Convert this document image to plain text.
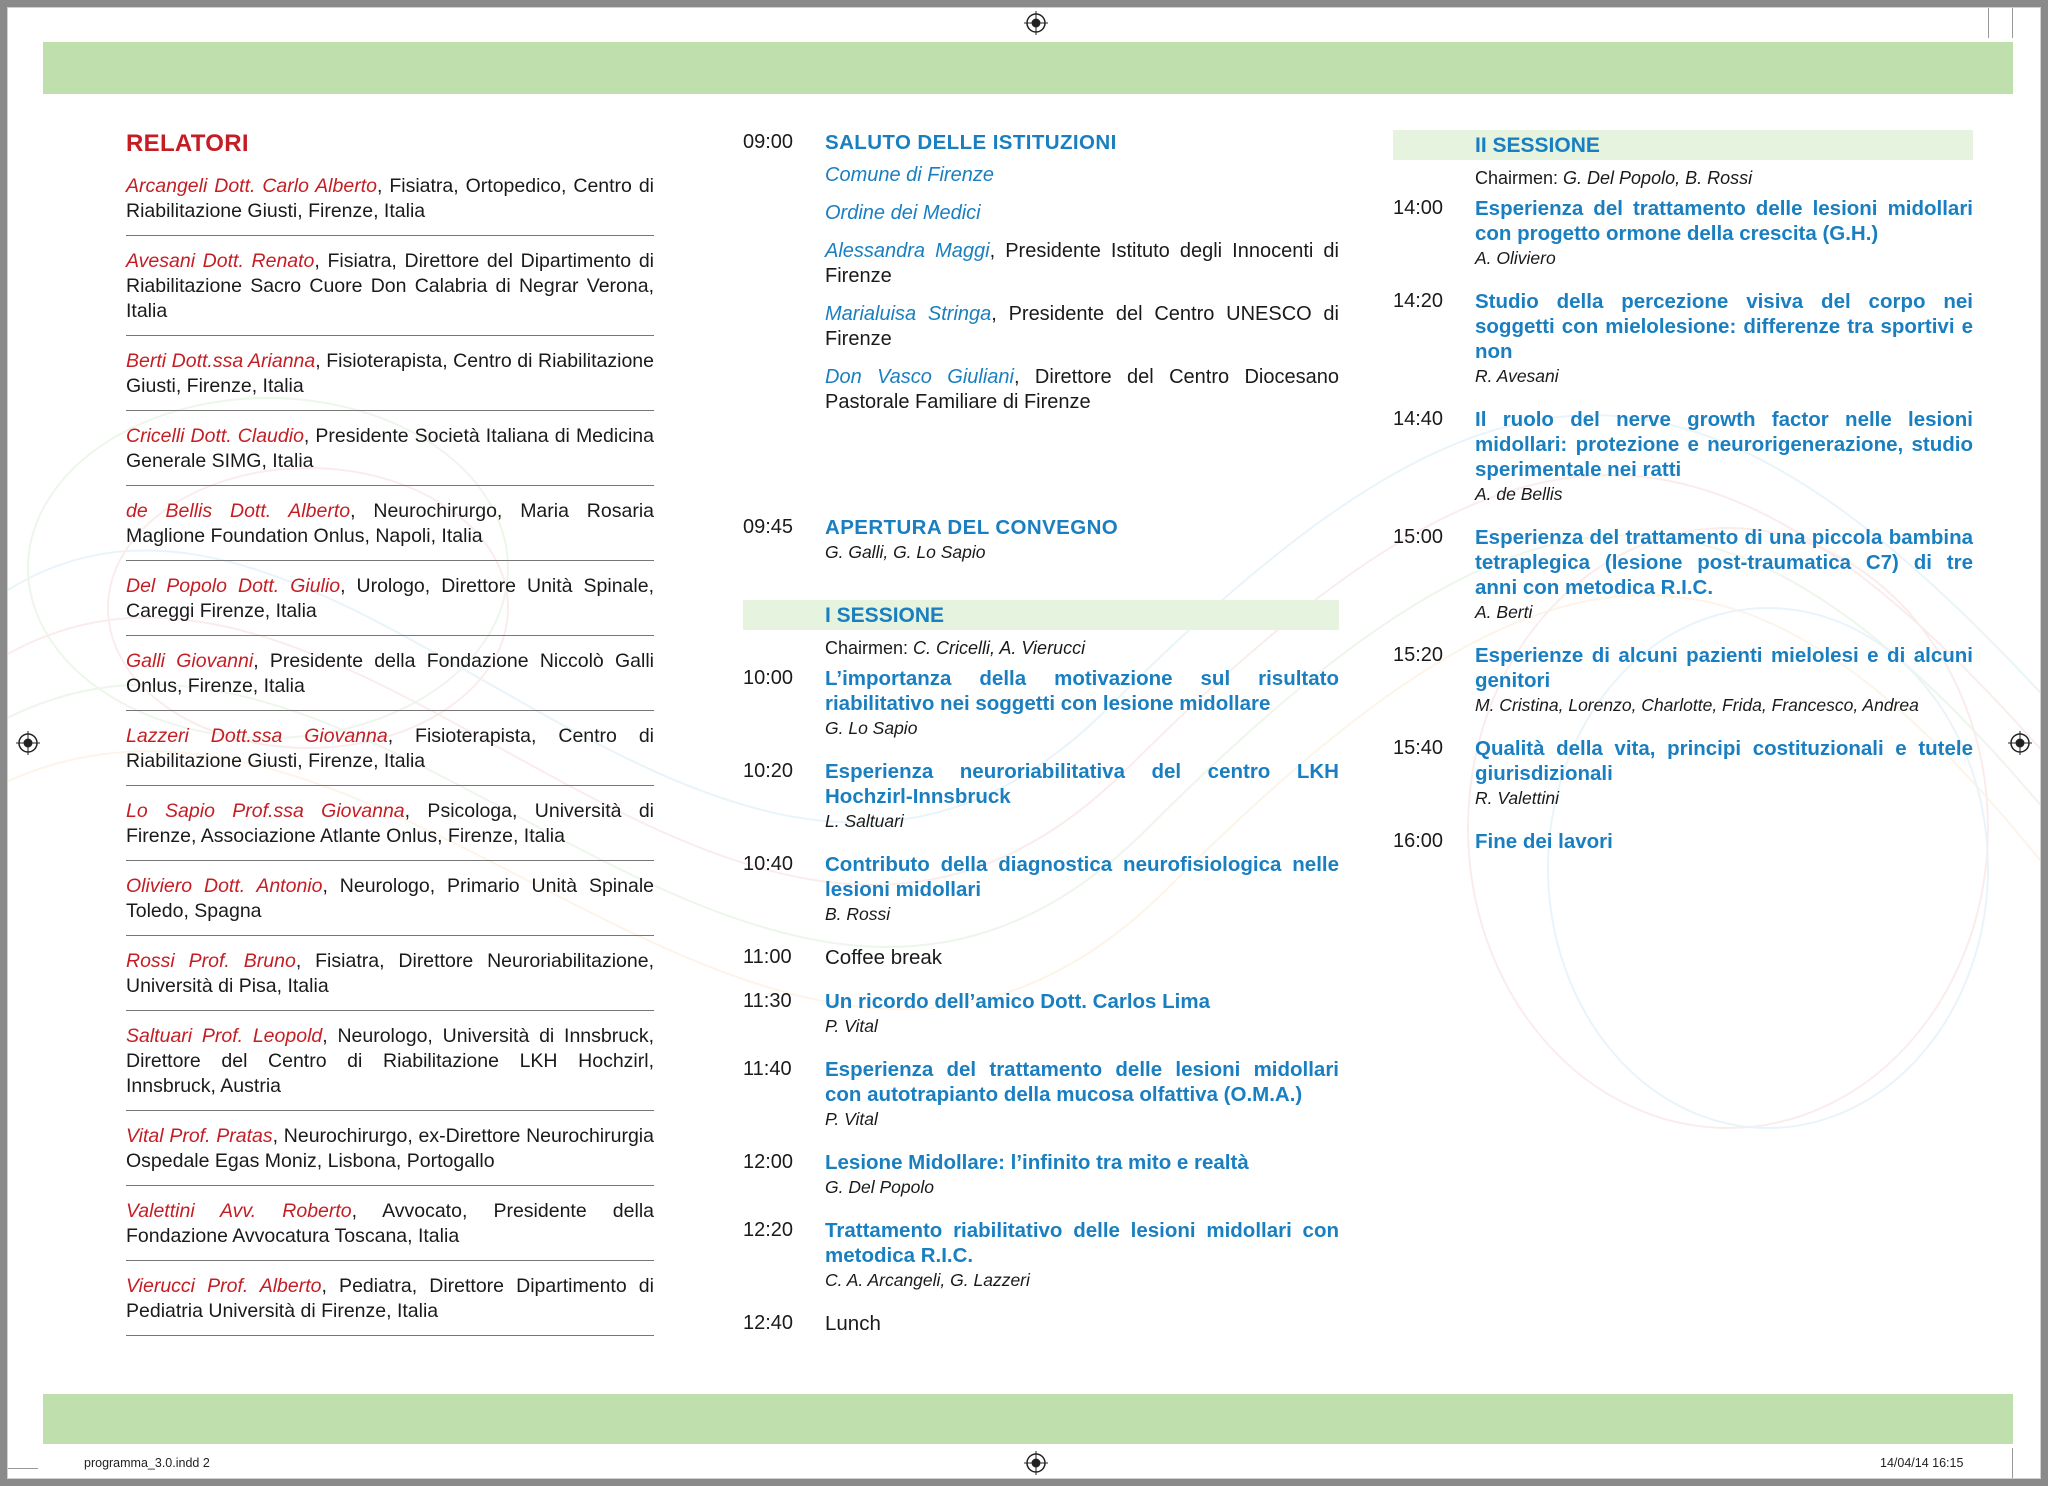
RELATORI
Arcangeli Dott. Carlo Alberto, Fisiatra, Ortopedico, Centro di Riabilitazione Giusti, Firenze, Italia
Avesani Dott. Renato, Fisiatra, Direttore del Dipartimento di Riabilitazione Sacro Cuore Don Calabria di Negrar Verona, Italia
Berti Dott.ssa Arianna, Fisioterapista, Centro di Riabilitazione Giusti, Firenze, Italia
Cricelli Dott. Claudio, Presidente Società Italiana di Medicina Generale SIMG, Italia
de Bellis Dott. Alberto, Neurochirurgo, Maria Rosaria Maglione Foundation Onlus, Napoli, Italia
Del Popolo Dott. Giulio, Urologo, Direttore Unità Spinale, Careggi Firenze, Italia
Galli Giovanni, Presidente della Fondazione Niccolò Galli Onlus, Firenze, Italia
Lazzeri Dott.ssa Giovanna, Fisioterapista, Centro di Riabilitazione Giusti, Firenze, Italia
Lo Sapio Prof.ssa Giovanna, Psicologa, Università di Firenze, Associazione Atlante Onlus, Firenze, Italia
Oliviero Dott. Antonio, Neurologo, Primario Unità Spinale Toledo, Spagna
Rossi Prof. Bruno, Fisiatra, Direttore Neuroriabilitazione, Università di Pisa, Italia
Saltuari Prof. Leopold, Neurologo, Università di Innsbruck, Direttore del Centro di Riabilitazione LKH Hochzirl, Innsbruck, Austria
Vital Prof. Pratas, Neurochirurgo, ex-Direttore Neurochirurgia Ospedale Egas Moniz, Lisbona, Portogallo
Valettini Avv. Roberto, Avvocato, Presidente della Fondazione Avvocatura Toscana, Italia
Vierucci Prof. Alberto, Pediatra, Direttore Dipartimento di Pediatria Università di Firenze, Italia
09:00 SALUTO DELLE ISTITUZIONI

Comune di Firenze

Ordine dei Medici

Alessandra Maggi, Presidente Istituto degli Innocenti di Firenze

Marialuisa Stringa, Presidente del Centro UNESCO di Firenze

Don Vasco Giuliani, Direttore del Centro Diocesano Pastorale Familiare di Firenze

09:45 APERTURA DEL CONVEGNO

G. Galli, G. Lo Sapio

I SESSIONE

Chairmen: C. Cricelli, A. Vierucci

10:00 L’importanza della motivazione sul risultato riabilitativo nei soggetti con lesione midollare

G. Lo Sapio

10:20 Esperienza neuroriabilitativa del centro LKH Hochzirl-Innsbruck

L. Saltuari

10:40 Contributo della diagnostica neurofisiologica nelle lesioni midollari

B. Rossi

11:00 Coffee break

11:30 Un ricordo dell’amico Dott. Carlos Lima

P. Vital

11:40 Esperienza del trattamento delle lesioni midollari con autotrapianto della mucosa olfattiva (O.M.A.)

P. Vital

12:00 Lesione Midollare: l’infinito tra mito e realtà

G. Del Popolo

12:20 Trattamento riabilitativo delle lesioni midollari con metodica R.I.C.

C. A. Arcangeli, G. Lazzeri

12:40 Lunch

II SESSIONE

Chairmen: G. Del Popolo, B. Rossi

14:00 Esperienza del trattamento delle lesioni midollari con progetto ormone della crescita (G.H.)

A. Oliviero

14:20 Studio della percezione visiva del corpo nei soggetti con mielolesione: differenze tra sportivi e non

R. Avesani

14:40 Il ruolo del nerve growth factor nelle lesioni midollari: protezione e neurorigenerazione, studio sperimentale nei ratti

A. de Bellis

15:00 Esperienza del trattamento di una piccola bambina tetraplegica (lesione post-traumatica C7) di tre anni con metodica R.I.C.

A. Berti

15:20 Esperienze di alcuni pazienti mielolesi e di alcuni genitori

M. Cristina, Lorenzo, Charlotte, Frida, Francesco, Andrea

15:40 Qualità della vita, principi costituzionali e tutele giurisdizionali

R. Valettini

16:00 Fine dei lavori

programma_3.0.indd 2	14/04/14 16:15
